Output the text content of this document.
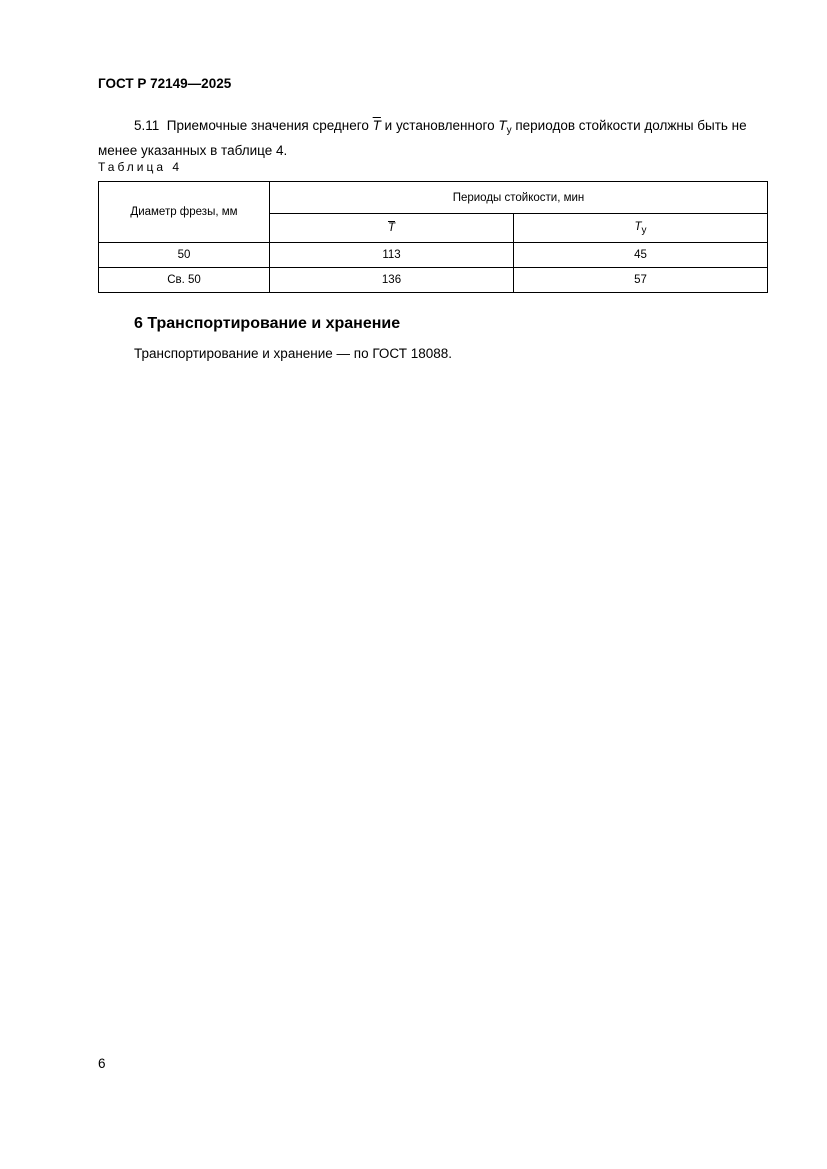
ГОСТ Р 72149—2025
5.11 Приемочные значения среднего $\overline{T}$ и установленного $T_у$ периодов стойкости должны быть не менее указанных в таблице 4.
Таблица 4
Диаметр фрезы, мм	Периоды стойкости, мин	
	$\overline{T}$	Tу
50	113	45
Св. 50	136	57
6 Транспортирование и хранение
Транспортирование и хранение — по ГОСТ 18088.
6
